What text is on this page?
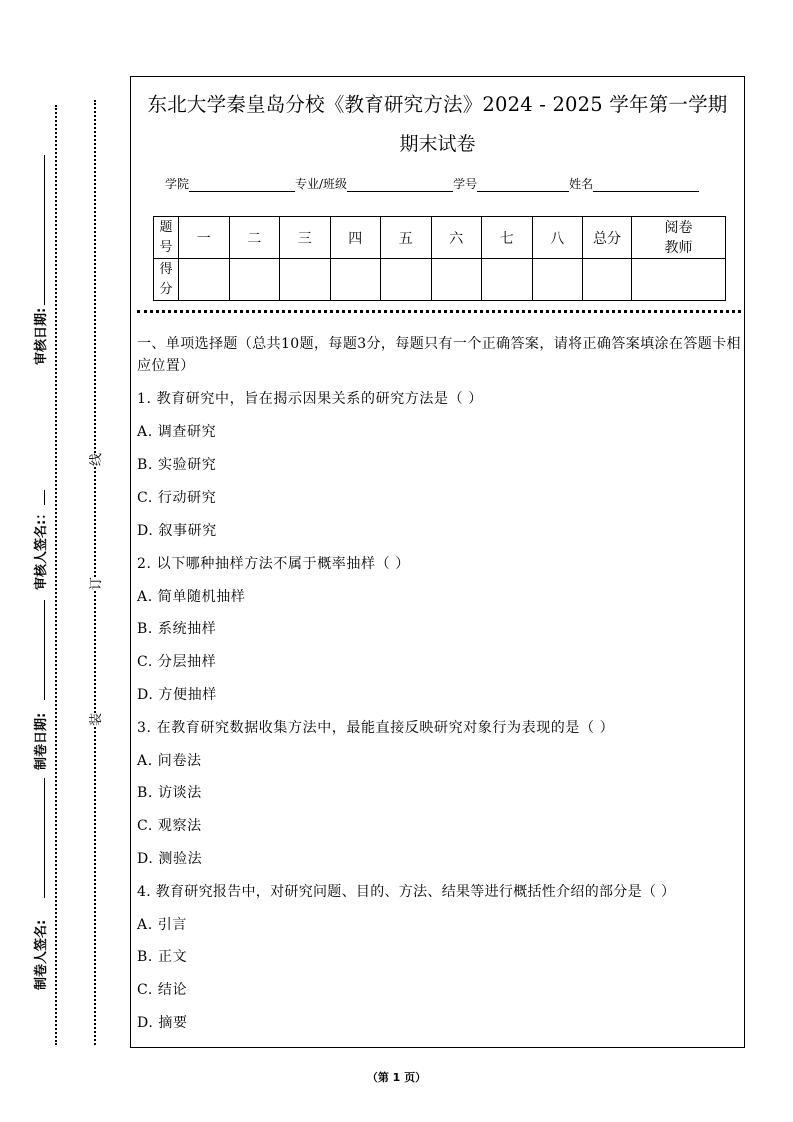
审核日期:
审核人签名:：
制卷日期:
制卷人签名:
线
订
装
东北大学秦皇岛分校《教育研究方法》2024 - 2025 学年第一学期
期末试卷
学院	专业/班级	学号	姓名
题号	一	二	三	四	五	六	七	八	总分	阅卷教师
得分										
一、单项选择题（总共10题，每题3分，每题只有一个正确答案，请将正确答案填涂在答题卡相应位置）
1. 教育研究中，旨在揭示因果关系的研究方法是（ ）
A. 调查研究
B. 实验研究
C. 行动研究
D. 叙事研究
2. 以下哪种抽样方法不属于概率抽样（ ）
A. 简单随机抽样
B. 系统抽样
C. 分层抽样
D. 方便抽样
3. 在教育研究数据收集方法中，最能直接反映研究对象行为表现的是（ ）
A. 问卷法
B. 访谈法
C. 观察法
D. 测验法
4. 教育研究报告中，对研究问题、目的、方法、结果等进行概括性介绍的部分是（ ）
A. 引言
B. 正文
C. 结论
D. 摘要
（第 1 页）
